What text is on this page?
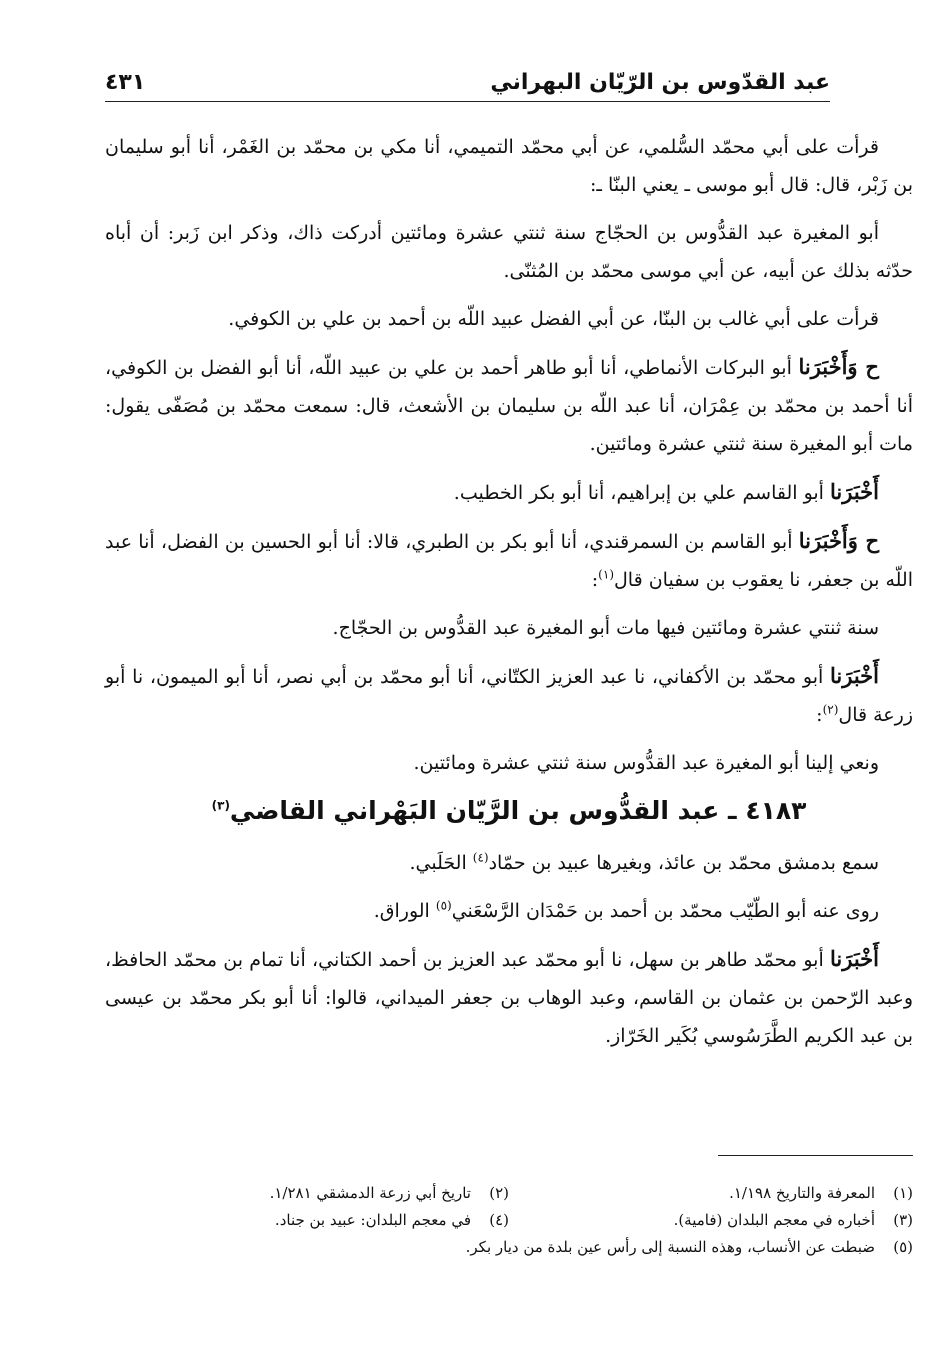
عبد القدّوس بن الرّيّان البهراني
٤٣١

قرأت على أبي محمّد السُّلمي، عن أبي محمّد التميمي، أنا مكي بن محمّد بن الغَمْر، أنا أبو سليمان بن زَبْر، قال: قال أبو موسى ـ يعني البنّا ـ:

أبو المغيرة عبد القدُّوس بن الحجّاج سنة ثنتي عشرة ومائتين أدركت ذاك، وذكر ابن زَبر: أن أباه حدّثه بذلك عن أبيه، عن أبي موسى محمّد بن المُثنّى.

قرأت على أبي غالب بن البنّا، عن أبي الفضل عبيد اللّه بن أحمد بن علي بن الكوفي.

ح وَأَخْبَرَنا أبو البركات الأنماطي، أنا أبو طاهر أحمد بن علي بن عبيد اللّه، أنا أبو الفضل بن الكوفي، أنا أحمد بن محمّد بن عِمْرَان، أنا عبد اللّه بن سليمان بن الأشعث، قال: سمعت محمّد بن مُصَفّى يقول: مات أبو المغيرة سنة ثنتي عشرة ومائتين.

أَخْبَرَنا أبو القاسم علي بن إبراهيم، أنا أبو بكر الخطيب.

ح وَأَخْبَرَنا أبو القاسم بن السمرقندي، أنا أبو بكر بن الطبري، قالا: أنا أبو الحسين بن الفضل، أنا عبد اللّه بن جعفر، نا يعقوب بن سفيان قال$^{(١)}$:

سنة ثنتي عشرة ومائتين فيها مات أبو المغيرة عبد القدُّوس بن الحجّاج.

أَخْبَرَنا أبو محمّد بن الأكفاني، نا عبد العزيز الكتّاني، أنا أبو محمّد بن أبي نصر، أنا أبو الميمون، نا أبو زرعة قال$^{(٢)}$:

ونعي إلينا أبو المغيرة عبد القدُّوس سنة ثنتي عشرة ومائتين.

٤١٨٣ ـ عبد القدُّوس بن الرَّيّان البَهْراني القاضي$^{(٣)}$

سمع بدمشق محمّد بن عائذ، وبغيرها عبيد بن حمّاد$^{(٤)}$ الحَلَبي.

روى عنه أبو الطّيّب محمّد بن أحمد بن حَمْدَان الرَّسْعَني$^{(٥)}$ الوراق.

أَخْبَرَنا أبو محمّد طاهر بن سهل، نا أبو محمّد عبد العزيز بن أحمد الكتاني، أنا تمام بن محمّد الحافظ، وعبد الرّحمن بن عثمان بن القاسم، وعبد الوهاب بن جعفر الميداني، قالوا: أنا أبو بكر محمّد بن عيسى بن عبد الكريم الطَّرَسُوسي بُكَير الخَرّاز.

(١)المعرفة والتاريخ ١/١٩٨.
(٢)تاريخ أبي زرعة الدمشقي ١/٢٨١.
(٣)أخباره في معجم البلدان (فامية).
(٤)في معجم البلدان: عبيد بن جناد.
(٥)ضبطت عن الأنساب، وهذه النسبة إلى رأس عين بلدة من ديار بكر.
